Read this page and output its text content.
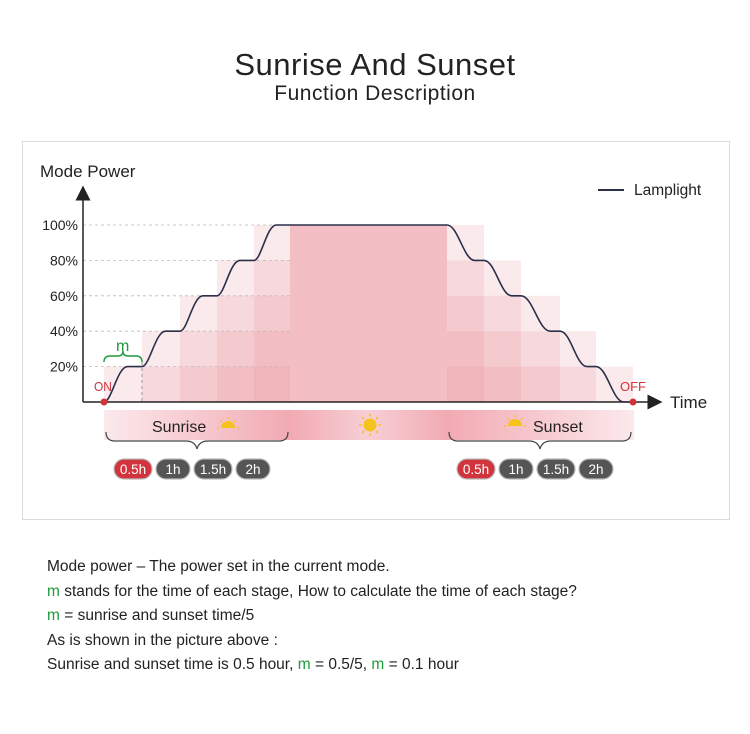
Sunrise And Sunset
Function Description
Mode Power
Time
100%
80%
60%
40%
20%
Lamplight
m
ON	OFF
Sunrise	Sunset
0.5h 1h 1.5h 2h	0.5h 1h 1.5h 2h
Mode power – The power set in the current mode.
m stands for the time of each stage, How to calculate the time of each stage?
m = sunrise and sunset time/5
As is shown in the picture above :
Sunrise and sunset time is 0.5 hour, m = 0.5/5, m = 0.1 hour
